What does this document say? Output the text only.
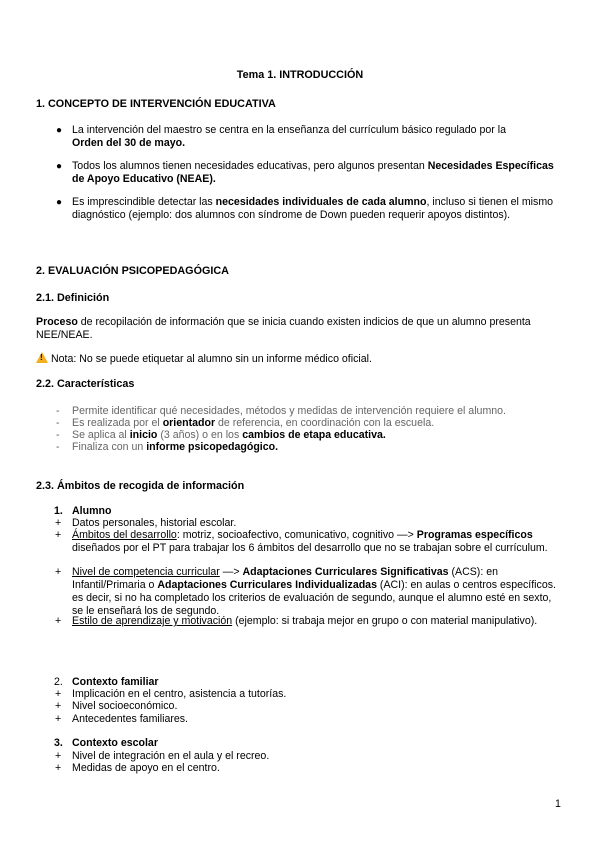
Tema 1. INTRODUCCIÓN
1. CONCEPTO DE INTERVENCIÓN EDUCATIVA
● La intervención del maestro se centra en la enseñanza del currículum básico regulado por la
Orden del 30 de mayo.
● Todos los alumnos tienen necesidades educativas, pero algunos presentan Necesidades Específicas de Apoyo Educativo (NEAE).
● Es imprescindible detectar las necesidades individuales de cada alumno, incluso si tienen el mismo diagnóstico (ejemplo: dos alumnos con síndrome de Down pueden requerir apoyos distintos).
2. EVALUACIÓN PSICOPEDAGÓGICA
2.1. Definición
Proceso de recopilación de información que se inicia cuando existen indicios de que un alumno presenta NEE/NEAE.
!Nota: No se puede etiquetar al alumno sin un informe médico oficial.
2.2. Características
- Permite identificar qué necesidades, métodos y medidas de intervención requiere el alumno.
- Es realizada por el orientador de referencia, en coordinación con la escuela.
- Se aplica al inicio (3 años) o en los cambios de etapa educativa.
- Finaliza con un informe psicopedagógico.
2.3. Ámbitos de recogida de información
1. Alumno
+ Datos personales, historial escolar.
+ Ámbitos del desarrollo: motriz, socioafectivo, comunicativo, cognitivo —> Programas específicos diseñados por el PT para trabajar los 6 ámbitos del desarrollo que no se trabajan sobre el currículum.
+ Nivel de competencia curricular —> Adaptaciones Curriculares Significativas (ACS): en Infantil/Primaria o Adaptaciones Curriculares Individualizadas (ACI): en aulas o centros específicos. es decir, si no ha completado los criterios de evaluación de segundo, aunque el alumno esté en sexto, se le enseñará los de segundo.
+ Estilo de aprendizaje y motivación (ejemplo: si trabaja mejor en grupo o con material manipulativo).
2. Contexto familiar
+ Implicación en el centro, asistencia a tutorías.
+ Nivel socioeconómico.
+ Antecedentes familiares.
3. Contexto escolar
+ Nivel de integración en el aula y el recreo.
+ Medidas de apoyo en el centro.
1
